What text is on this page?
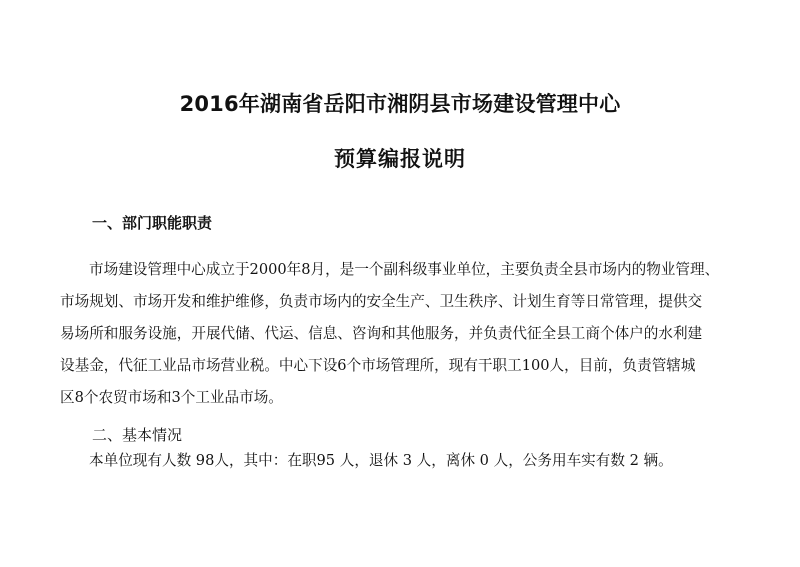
2016年湖南省岳阳市湘阴县市场建设管理中心
预算编报说明
一、部门职能职责
市场建设管理中心成立于2000年8月，是一个副科级事业单位，主要负责全县市场内的物业管理、
市场规划、市场开发和维护维修，负责市场内的安全生产、卫生秩序、计划生育等日常管理，提供交
易场所和服务设施，开展代储、代运、信息、咨询和其他服务，并负责代征全县工商个体户的水利建
设基金，代征工业品市场营业税。中心下设6个市场管理所，现有干职工100人，目前，负责管辖城
区8个农贸市场和3个工业品市场。
二、基本情况
本单位现有人数 98人，其中：在职95 人，退休 3 人，离休 0 人，公务用车实有数 2 辆。
